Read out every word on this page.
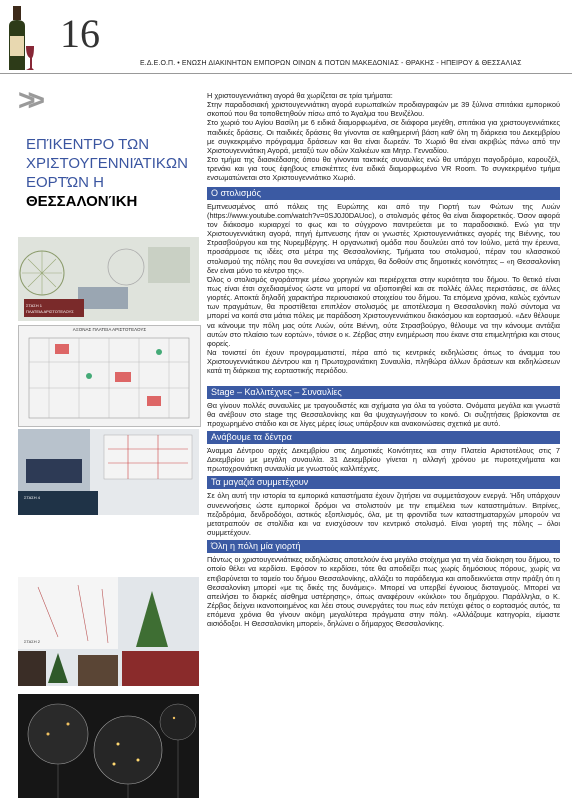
16
Ε.Δ.Ε.Ο.Π. • ΕΝΩΣΗ ΔΙΑΚΙΝΗΤΩΝ ΕΜΠΟΡΩΝ ΟΙΝΩΝ & ΠΟΤΩΝ ΜΑΚΕΔΟΝΙΑΣ - ΘΡΑΚΗΣ - ΗΠΕΙΡΟΥ & ΘΕΣΣΑΛΙΑΣ
>>
ΕΠΊΚΕΝΤΡΟ ΤΩΝ ΧΡΙΣΤΟΥΓΕΝΝΙΆΤΙΚΩΝ ΕΟΡΤΏΝ Η ΘΕΣΣΑΛΟΝΊΚΗ
ΣΤΑΣΗ 1
ΠΛΑΤΕΙΑ ΑΡΙΣΤΟΤΕΛΟΥΣ
ΑΞΟΝΑΣ ΠΛΑΤΕΙΑ ΑΡΙΣΤΟΤΕΛΟΥΣ
ΣΤΑΣΗ 4
ΣΤΑΣΗ 2

Η χριστουγεννιάτικη αγορά θα χωρίζεται σε τρία τμήματα:

Στην παραδοσιακή χριστουγεννιάτικη αγορά ευρωπαϊκών προδιαγραφών με 39 ξύλινα σπιτάκια εμπορικού σκοπού που θα τοποθετηθούν πίσω από το Άγαλμα του Βενιζέλου.

Στο χωριό του Αγίου Βασίλη με 6 ειδικά διαμορφωμένα, σε διάφορα μεγέθη, σπιτάκια για χριστουγεννιάτικες παιδικές δράσεις. Οι παιδικές δράσεις θα γίνονται σε καθημερινή βάση καθ' όλη τη διάρκεια του Δεκεμβρίου με συγκεκριμένο πρόγραμμα δράσεων και θα είναι δωρεάν. Το Χωριό θα είναι ακριβώς πάνω από την Χριστουγεννιάτικη Αγορά, μεταξύ των οδών Χαλκέων και Μητρ. Γενναδίου.

Στο τμήμα της διασκέδασης όπου θα γίνονται τακτικές συναυλίες ενώ θα υπάρχει παγοδρόμιο, καρουζέλ, τρενάκι και για τους έφηβους επισκέπτες ένα ειδικά διαμορφωμένο VR Room. Το συγκεκριμένο τμήμα ενσωματώνεται στο Χριστουγεννιάτικο Χωριό.

Ο στολισμός

Εμπνευσμένος από πόλεις της Ευρώπης και από την Γιορτή των Φώτων της Λυών (https://www.youtube.com/watch?v=0SJ0J0DAUoc), ο στολισμός φέτος θα είναι διαφορετικός. Όσον αφορά τον διάκοσμο κυριαρχεί το φως και το σύγχρονο παντρεύεται με το παραδοσιακό. Ενώ για την Χριστουγεννιάτικη αγορά, πηγή έμπνευσης ήταν οι γνωστές Χριστουγεννιάτικες αγορές της Βιέννης, του Στρασβούργου και της Νυρεμβέργης. Η οργανωτική ομάδα που δουλεύει από τον Ιούλιο, μετά την έρευνα, προσάρμοσε τις ιδέες στα μέτρα της Θεσσαλονίκης. Τμήματα του στολισμού, πέραν του κλασσικού στολισμού της πόλης που θα συνεχίσει να υπάρχει, θα δοθούν στις δημοτικές κοινότητες – «η Θεσσαλονίκη δεν είναι μόνο το κέντρο της».

Όλος ο στολισμός αγοράστηκε μέσω χορηγιών και περιέρχεται στην κυριότητα του δήμου. Το θετικό είναι πως είναι έτσι σχεδιασμένος ώστε να μπορεί να αξιοποιηθεί και σε πολλές άλλες περιστάσεις, σε άλλες γιορτές. Αποκτά δηλαδή χαρακτήρα περιουσιακού στοιχείου του δήμου. Τα επόμενα χρόνια, καλώς εχόντων των πραγμάτων, θα προστίθεται επιπλέον στολισμός με αποτέλεσμα η Θεσσαλονίκη πολύ σύντομα να μπορεί να κοιτά στα μάτια πόλεις με παράδοση Χριστουγεννιάτικου διακόσμου και εορτασμού. «Δεν θέλουμε να κάνουμε την πόλη μας ούτε Λυών, ούτε Βιέννη, ούτε Στρασβούργο, θέλουμε να την κάνουμε αντάξια αυτών στο πλαίσιο των εορτών», τόνισε ο κ. Ζέρβας στην ενημέρωση που έκανε στα επιμελητήρια και στους φορείς.

Να τονιστεί ότι έχουν προγραμματιστεί, πέρα από τις κεντρικές εκδηλώσεις όπως το άναμμα του Χριστουγεννιάτικου Δέντρου και η Πρωτοχρονιάτικη Συναυλία, πληθώρα άλλων δράσεων και εκδηλώσεων κατά τη διάρκεια της εορταστικής περιόδου.

Stage – Καλλιτέχνες – Συναυλίες

Θα γίνουν πολλές συναυλίες με τραγουδιστές και σχήματα για όλα τα γούστα. Ονόματα μεγάλα και γνωστά θα ανέβουν στο stage της Θεσσαλονίκης και θα ψυχαγωγήσουν το κοινό. Οι συζητήσεις βρίσκονται σε προχωρημένο στάδιο και σε λίγες μέρες ίσως υπάρξουν και ανακοινώσεις σχετικά με αυτό.

Ανάβουμε τα δέντρα

Άναμμα Δέντρου αρχές Δεκεμβρίου στις Δημοτικές Κοινότητες και στην Πλατεία Αριστοτέλους στις 7 Δεκεμβρίου με μεγάλη συναυλία. 31 Δεκεμβρίου γίνεται η αλλαγή χρόνου με πυροτεχνήματα και πρωτοχρονιάτικη συναυλία με γνωστούς καλλιτέχνες.

Τα μαγαζιά συμμετέχουν

Σε όλη αυτή την ιστορία τα εμπορικά καταστήματα έχουν ζητήσει να συμμετάσχουν ενεργά. Ήδη υπάρχουν συνεννοήσεις ώστε εμπορικοί δρόμοι να στολιστούν με την επιμέλεια των καταστημάτων. Βιτρίνες, πεζοδρόμια, δενδροδόχοι, αστικός εξοπλισμός, όλα, με τη φροντίδα των καταστηματαρχών μπορούν να μετατραπούν σε στολίδια και να ενισχύσουν τον κεντρικό στολισμό. Είναι γιορτή της πόλης – όλοι συμμετέχουν.

Όλη η πόλη μία γιορτή

Πάντως οι χριστουγεννιάτικες εκδηλώσεις αποτελούν ένα μεγάλο στοίχημα για τη νέα διοίκηση του δήμου, το οποίο θέλει να κερδίσει. Εφόσον το κερδίσει, τότε θα αποδείξει πως χωρίς δημόσιους πόρους, χωρίς να επιβαρύνεται το ταμείο του δήμου Θεσσαλονίκης, αλλάζει το παράδειγμα και αποδεικνύεται στην πράξη ότι η Θεσσαλονίκη μπορεί «με τις δικές της δυνάμεις». Μπορεί να υπερβεί έγνοιους δισταγμούς. Μπορεί να απειλήσει το διαρκές αίσθημα υστέρησης», όπως αναφέρουν «κύκλοι» του δημάρχου. Παράλληλα, ο Κ. Ζέρβας δείχνει ικανοποιημένος και λέει στους συνεργάτες του πως εάν πετύχει φέτος ο εορτασμός αυτός, τα επόμενα χρόνια θα γίνουν ακόμη μεγαλύτερα πράγματα στην πόλη. «Αλλάζουμε κατηγορία, είμαστε αισιόδοξοι. Η Θεσσαλονίκη μπορεί», δηλώνει ο δήμαρχος Θεσσαλονίκης.
